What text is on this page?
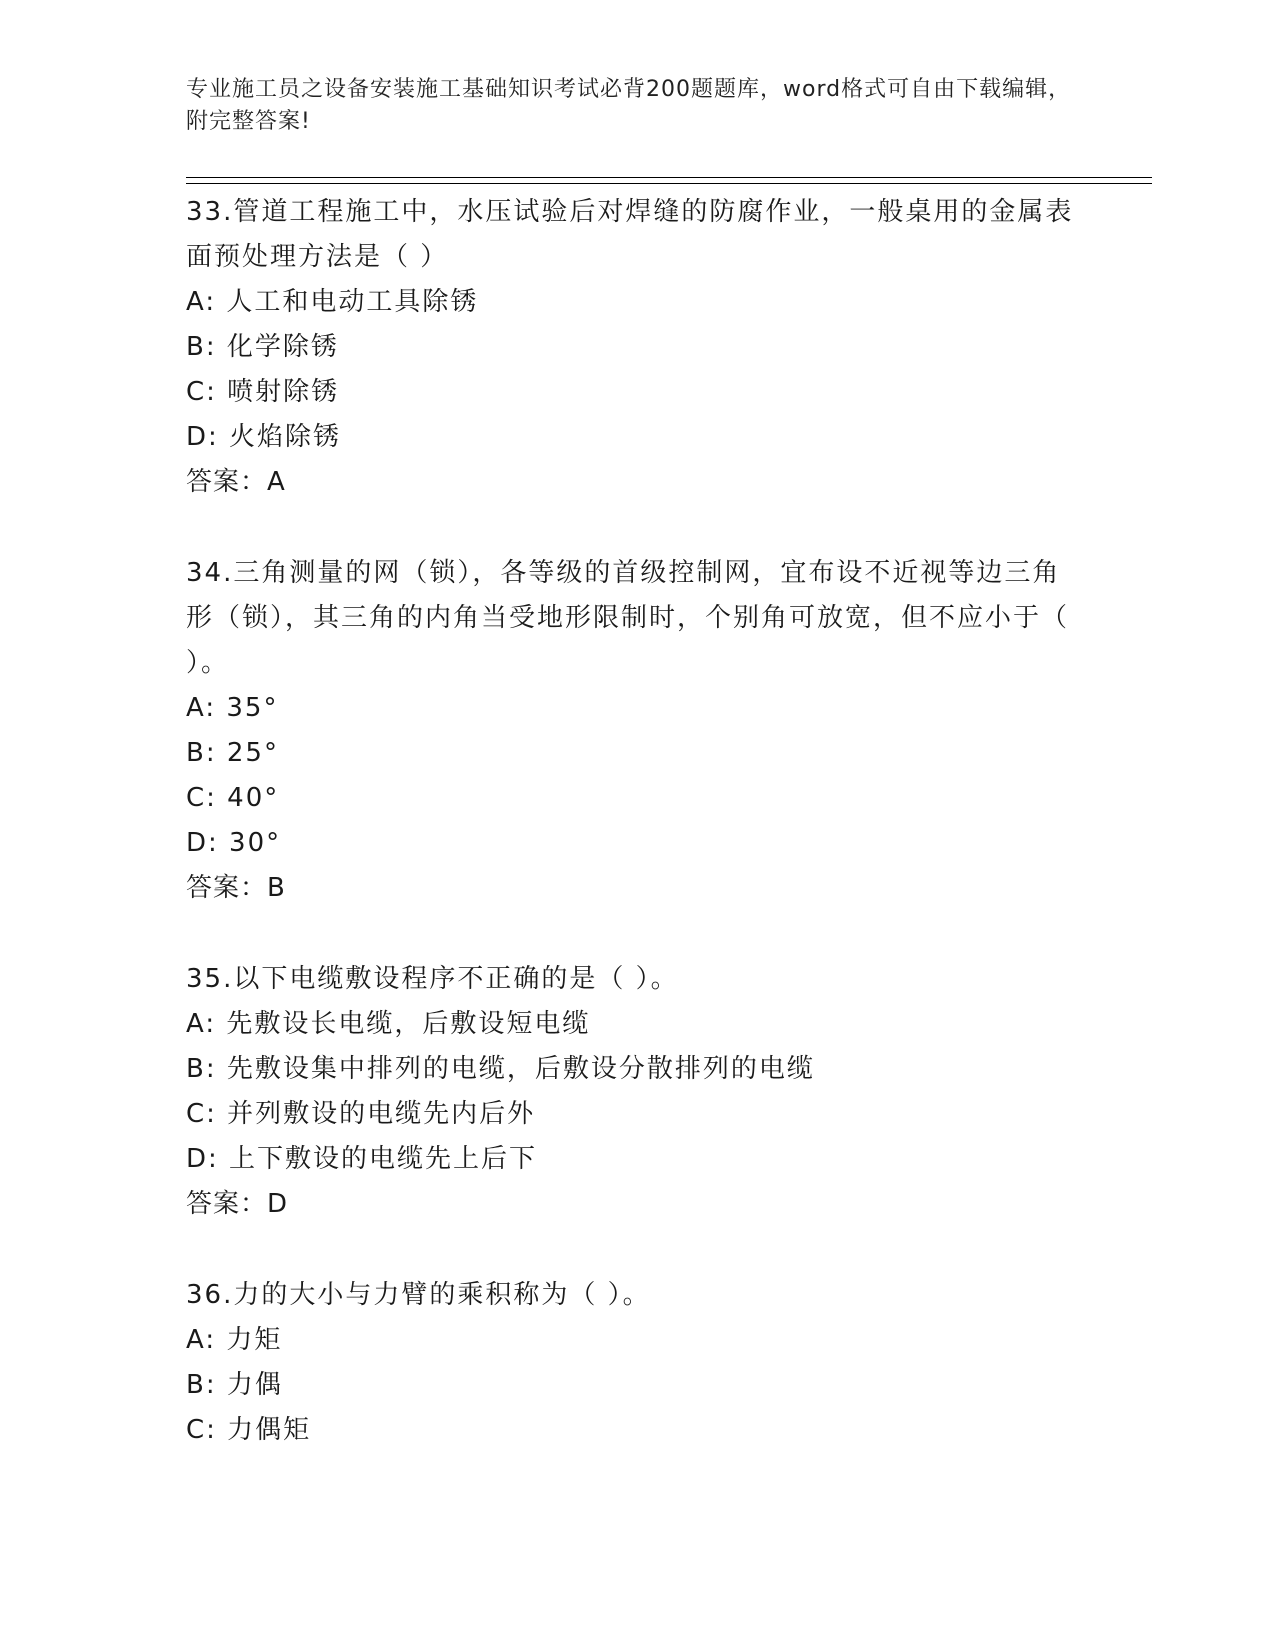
专业施工员之设备安装施工基础知识考试必背200题题库，word格式可自由下载编辑，附完整答案!

33.管道工程施工中，水压试验后对焊缝的防腐作业，一般桌用的金属表面预处理方法是（ ）

A: 人工和电动工具除锈

B: 化学除锈

C: 喷射除锈

D: 火焰除锈

答案：A

34.三角测量的网（锁），各等级的首级控制网，宜布设不近视等边三角形（锁），其三角的内角当受地形限制时，个别角可放宽，但不应小于（ ）。

A: 35°

B: 25°

C: 40°

D: 30°

答案：B

35.以下电缆敷设程序不正确的是（ ）。

A: 先敷设长电缆，后敷设短电缆

B: 先敷设集中排列的电缆，后敷设分散排列的电缆

C: 并列敷设的电缆先内后外

D: 上下敷设的电缆先上后下

答案：D

36.力的大小与力臂的乘积称为（ ）。

A: 力矩

B: 力偶

C: 力偶矩
